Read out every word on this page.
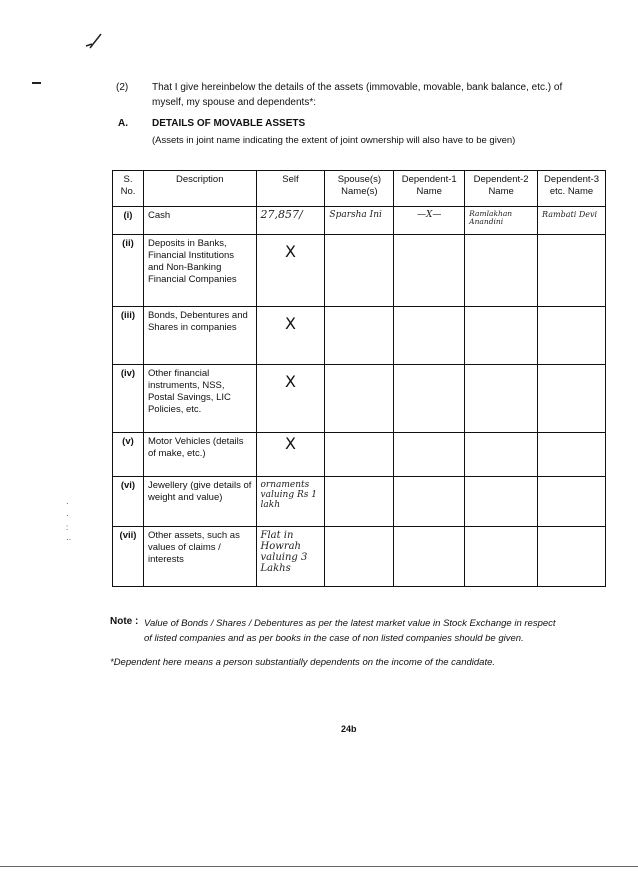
·
·
:
··
(2) That I give hereinbelow the details of the assets (immovable, movable, bank balance, etc.) of
myself, my spouse and dependents*:
A. DETAILS OF MOVABLE ASSETS
(Assets in joint name indicating the extent of joint ownership will also have to be given)
S. No.	Description	Self	Spouse(s) Name(s)	Dependent-1 Name	Dependent-2 Name	Dependent-3 etc. Name
(i)	Cash	27,857/	Sparsha Ini	—X—	Ramlakhan Anandini	Rambati Devi
(ii)	Deposits in Banks, Financial Institutions and Non-Banking Financial Companies	X				

(iii)	Bonds, Debentures and Shares in companies	X				

(iv)	Other financial instruments, NSS, Postal Savings, LIC Policies, etc.	X				

(v)	Motor Vehicles (details of make, etc.)	X				

(vi)	Jewellery (give details of weight and value)	ornaments valuing Rs 1 lakh				
(vii)	Other assets, such as values of claims / interests	Flat in Howrah valuing 3 Lakhs				
Note : Value of Bonds / Shares / Debentures as per the latest market value in Stock Exchange in respect
of listed companies and as per books in the case of non listed companies should be given.
*Dependent here means a person substantially dependents on the income of the candidate.
24b
